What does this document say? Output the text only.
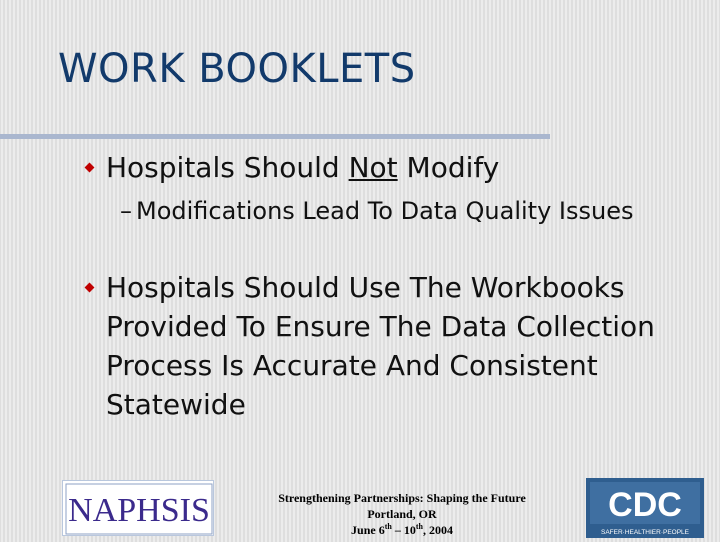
WORK BOOKLETS
Hospitals Should Not Modify
– Modifications Lead To Data Quality Issues
Hospitals Should Use The Workbooks Provided To Ensure The Data Collection Process Is Accurate And Consistent Statewide
NAPHSIS	Strengthening Partnerships: Shaping the Future
Portland, OR
June 6th – 10th, 2004
CDC
SAFER·HEALTHIER·PEOPLE
